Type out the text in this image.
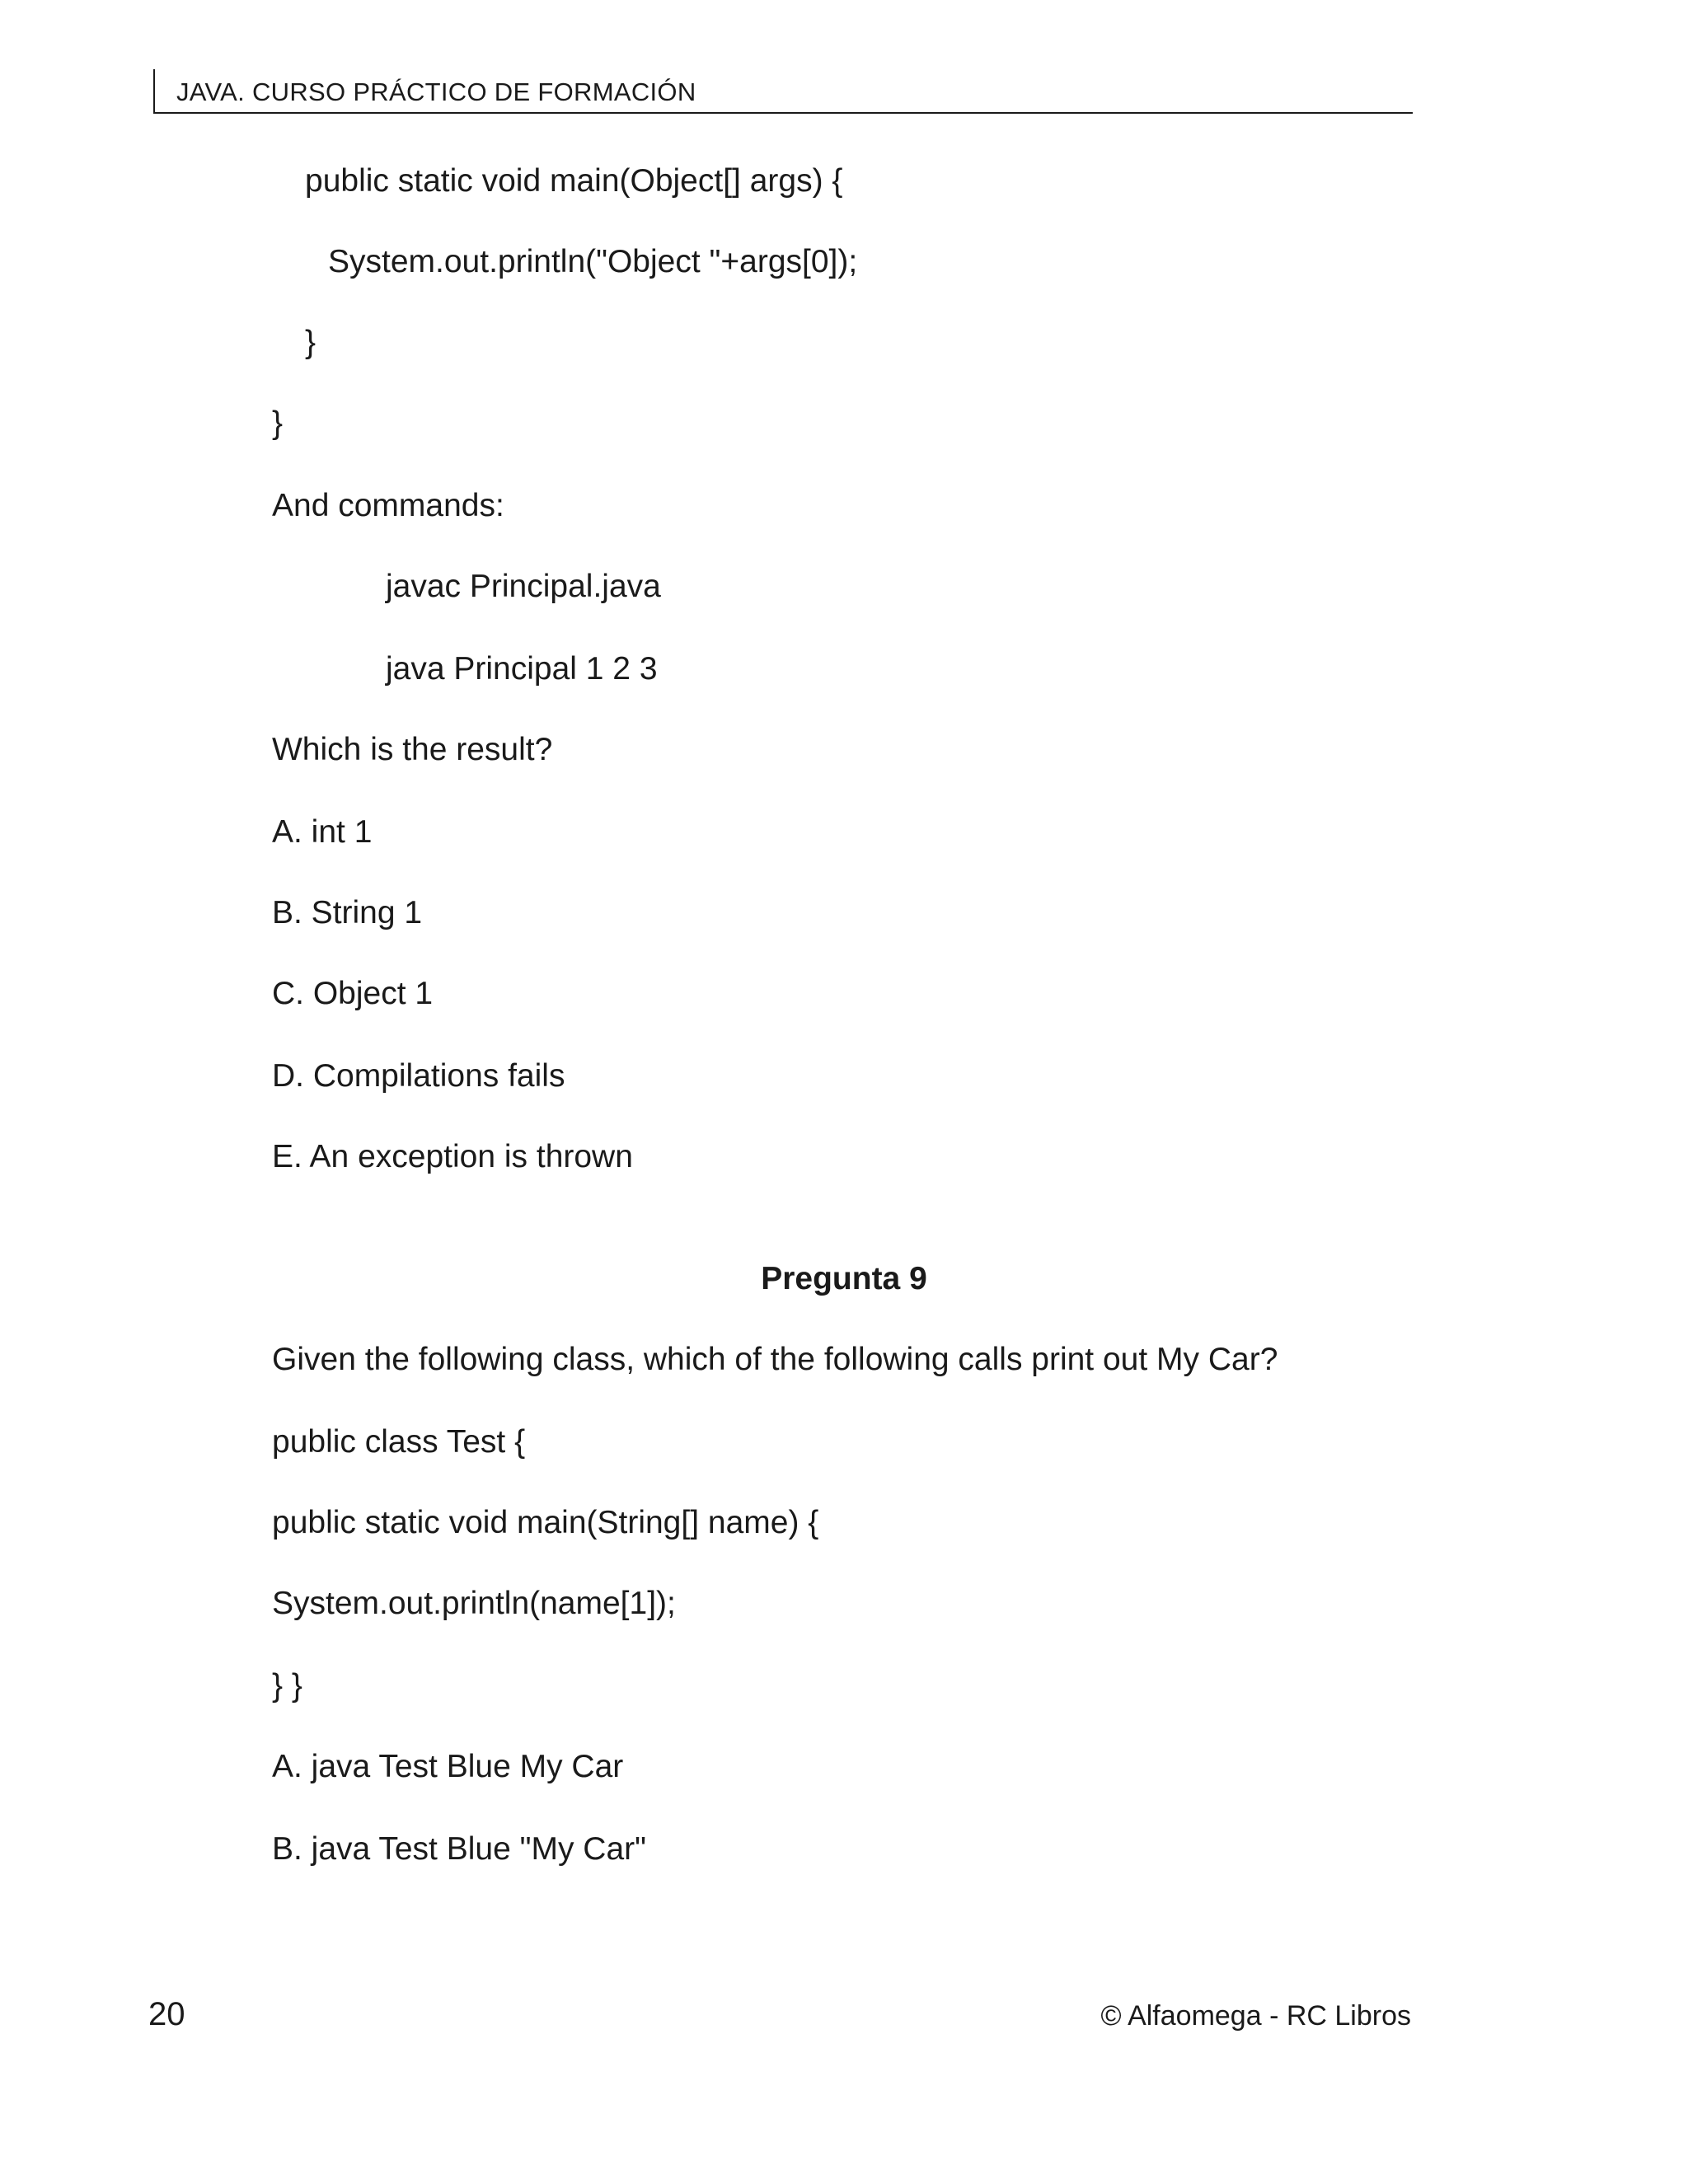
JAVA. CURSO PRÁCTICO DE FORMACIÓN
public static void main(Object[] args) {
System.out.println("Object "+args[0]);
}
}
And commands:
javac Principal.java
java Principal 1 2 3
Which is the result?
A. int 1
B. String 1
C. Object 1
D. Compilations fails
E. An exception is thrown
Pregunta 9
Given the following class, which of the following calls print out My Car?
public class Test {
public static void main(String[] name) {
System.out.println(name[1]);
} }
A. java Test Blue My Car
B. java Test Blue "My Car"
20	© Alfaomega - RC Libros
